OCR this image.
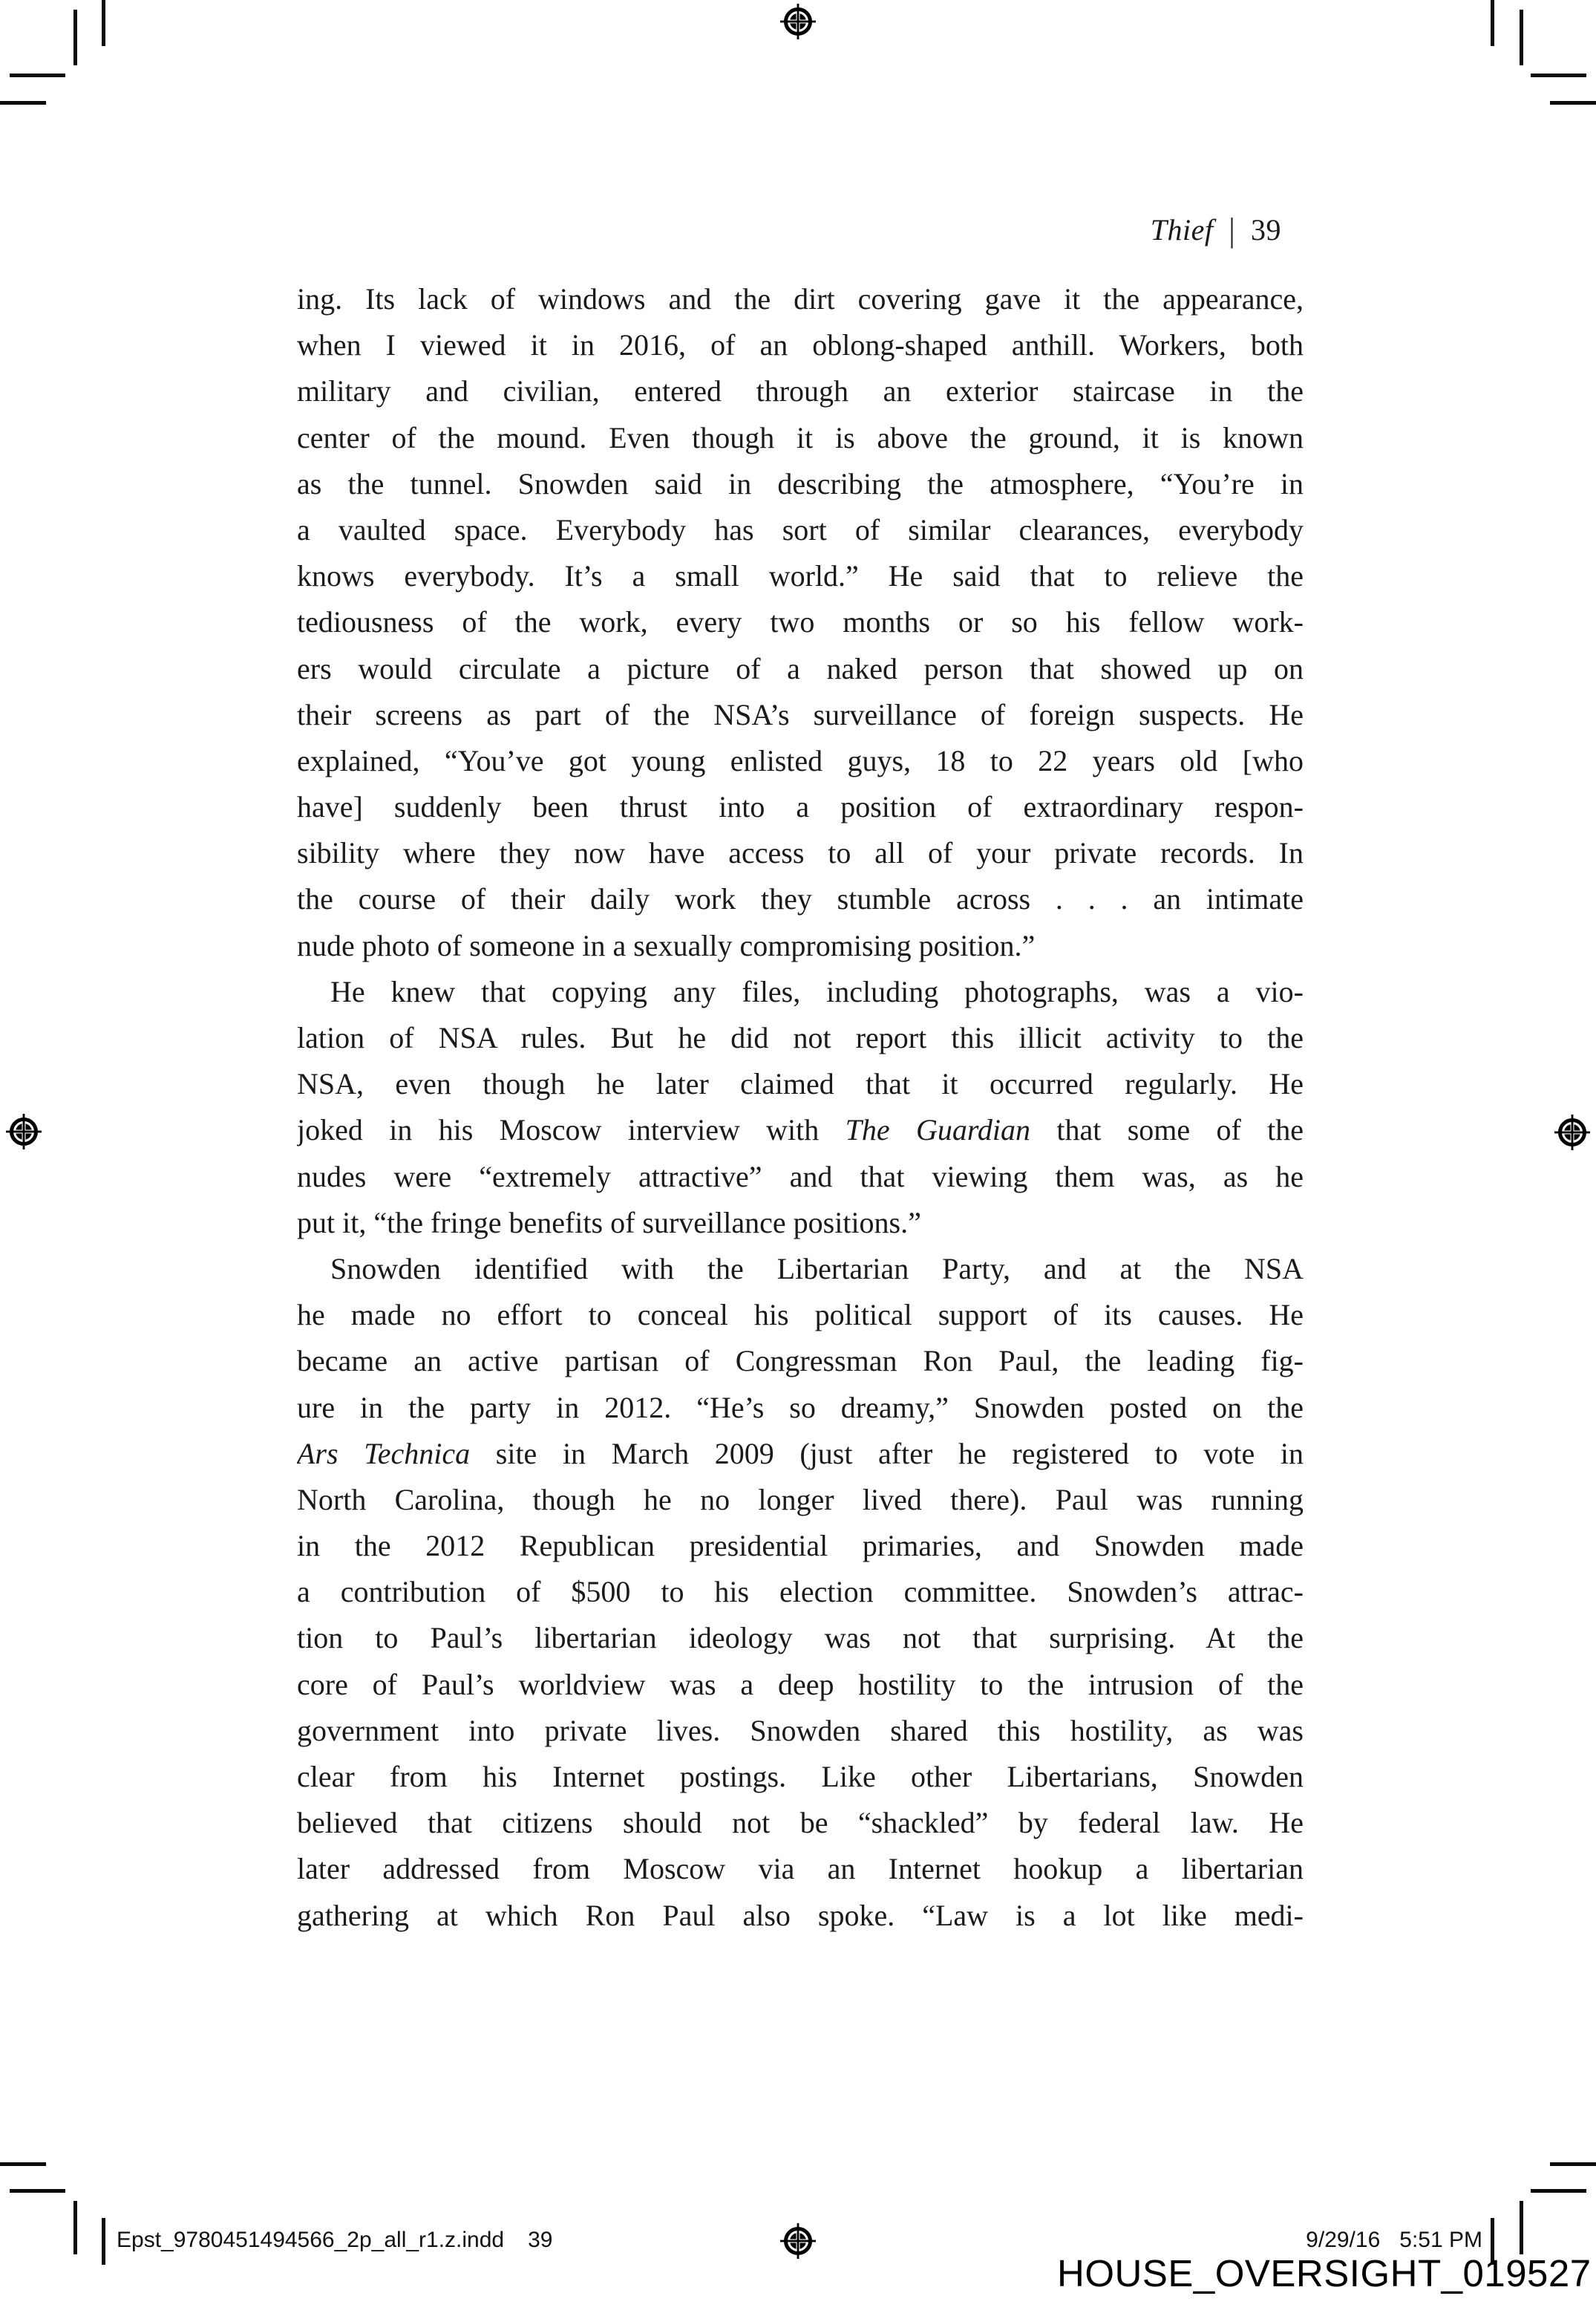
Thief | 39
ing. Its lack of windows and the dirt covering gave it the appearance,
when I viewed it in 2016, of an oblong-shaped anthill. Workers, both
military and civilian, entered through an exterior staircase in the
center of the mound. Even though it is above the ground, it is known
as the tunnel. Snowden said in describing the atmosphere, “You’re in
a vaulted space. Everybody has sort of similar clearances, everybody
knows everybody. It’s a small world.” He said that to relieve the
tediousness of the work, every two months or so his fellow work-
ers would circulate a picture of a naked person that showed up on
their screens as part of the NSA’s surveillance of foreign suspects. He
explained, “You’ve got young enlisted guys, 18 to 22 years old [who
have] suddenly been thrust into a position of extraordinary respon-
sibility where they now have access to all of your private records. In
the course of their daily work they stumble across . . . an intimate
nude photo of someone in a sexually compromising position.”
He knew that copying any files, including photographs, was a vio-
lation of NSA rules. But he did not report this illicit activity to the
NSA, even though he later claimed that it occurred regularly. He
joked in his Moscow interview with The Guardian that some of the
nudes were “extremely attractive” and that viewing them was, as he
put it, “the fringe benefits of surveillance positions.”
Snowden identified with the Libertarian Party, and at the NSA
he made no effort to conceal his political support of its causes. He
became an active partisan of Congressman Ron Paul, the leading fig-
ure in the party in 2012. “He’s so dreamy,” Snowden posted on the
Ars Technica site in March 2009 (just after he registered to vote in
North Carolina, though he no longer lived there). Paul was running
in the 2012 Republican presidential primaries, and Snowden made
a contribution of $500 to his election committee. Snowden’s attrac-
tion to Paul’s libertarian ideology was not that surprising. At the
core of Paul’s worldview was a deep hostility to the intrusion of the
government into private lives. Snowden shared this hostility, as was
clear from his Internet postings. Like other Libertarians, Snowden
believed that citizens should not be “shackled” by federal law. He
later addressed from Moscow via an Internet hookup a libertarian
gathering at which Ron Paul also spoke. “Law is a lot like medi-
Epst_9780451494566_2p_all_r1.z.indd 39	9/29/16 5:51 PM
HOUSE_OVERSIGHT_019527
